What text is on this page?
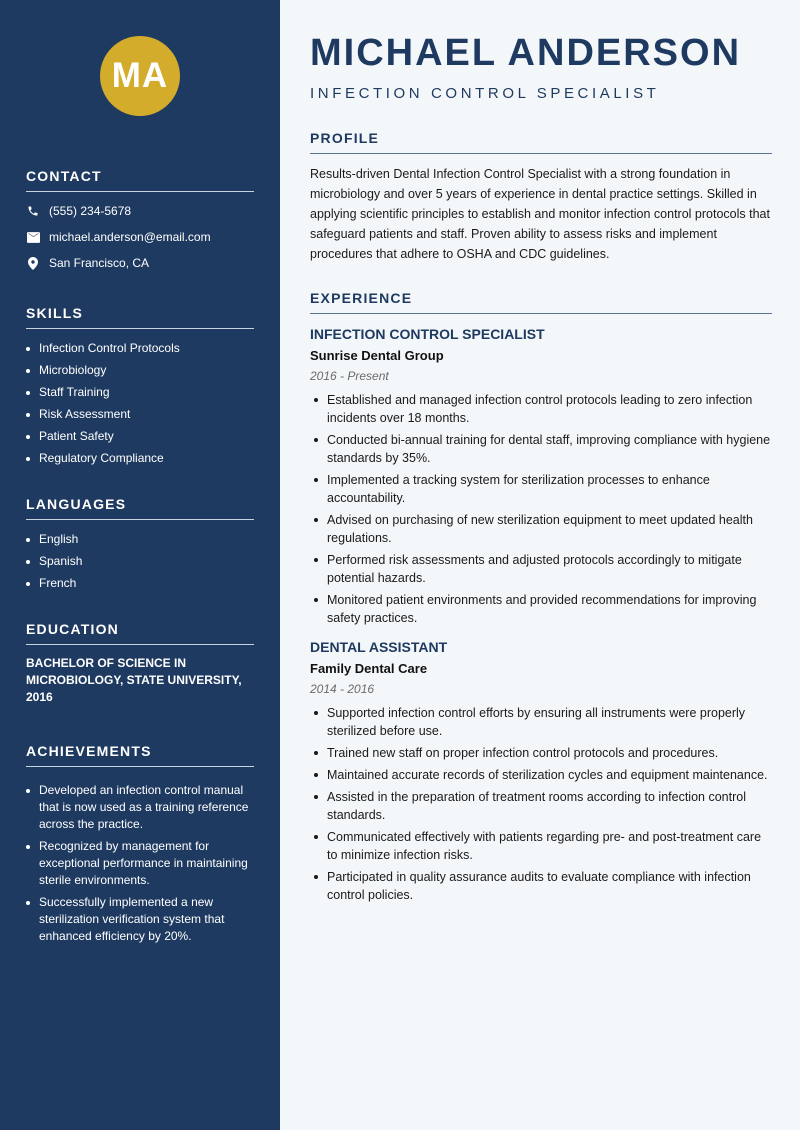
MA
CONTACT
(555) 234-5678
michael.anderson@email.com
San Francisco, CA
SKILLS
Infection Control Protocols
Microbiology
Staff Training
Risk Assessment
Patient Safety
Regulatory Compliance
LANGUAGES
English
Spanish
French
EDUCATION
BACHELOR OF SCIENCE IN MICROBIOLOGY, STATE UNIVERSITY, 2016
ACHIEVEMENTS
Developed an infection control manual that is now used as a training reference across the practice.
Recognized by management for exceptional performance in maintaining sterile environments.
Successfully implemented a new sterilization verification system that enhanced efficiency by 20%.
MICHAEL ANDERSON
INFECTION CONTROL SPECIALIST
PROFILE
Results-driven Dental Infection Control Specialist with a strong foundation in microbiology and over 5 years of experience in dental practice settings. Skilled in applying scientific principles to establish and monitor infection control protocols that safeguard patients and staff. Proven ability to assess risks and implement procedures that adhere to OSHA and CDC guidelines.
EXPERIENCE
INFECTION CONTROL SPECIALIST
Sunrise Dental Group
2016 - Present
Established and managed infection control protocols leading to zero infection incidents over 18 months.
Conducted bi-annual training for dental staff, improving compliance with hygiene standards by 35%.
Implemented a tracking system for sterilization processes to enhance accountability.
Advised on purchasing of new sterilization equipment to meet updated health regulations.
Performed risk assessments and adjusted protocols accordingly to mitigate potential hazards.
Monitored patient environments and provided recommendations for improving safety practices.
DENTAL ASSISTANT
Family Dental Care
2014 - 2016
Supported infection control efforts by ensuring all instruments were properly sterilized before use.
Trained new staff on proper infection control protocols and procedures.
Maintained accurate records of sterilization cycles and equipment maintenance.
Assisted in the preparation of treatment rooms according to infection control standards.
Communicated effectively with patients regarding pre- and post-treatment care to minimize infection risks.
Participated in quality assurance audits to evaluate compliance with infection control policies.
